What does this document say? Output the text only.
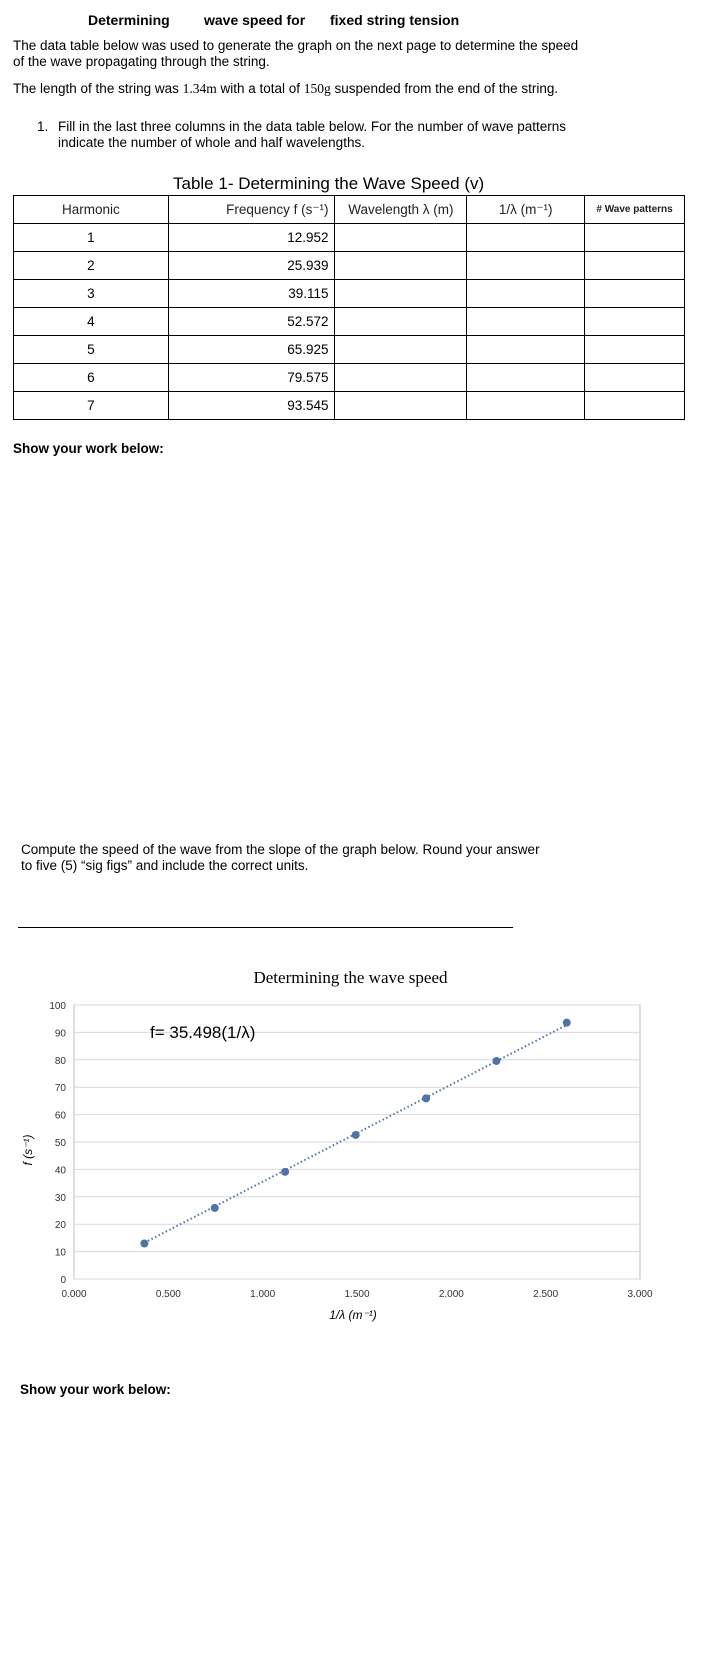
Determining wave speed for fixed string tension
The data table below was used to generate the graph on the next page to determine the speed
of the wave propagating through the string.
The length of the string was 1.34m with a total of 150g suspended from the end of the string.
1. Fill in the last three columns in the data table below. For the number of wave patterns
indicate the number of whole and half wavelengths.
Table 1- Determining the Wave Speed (v)
Harmonic	Frequency f (s⁻¹)	Wavelength λ (m)	1/λ (m⁻¹)	# Wave patterns
1	12.952			
2	25.939			
3	39.115			
4	52.572			
5	65.925			
6	79.575			
7	93.545			
Show your work below:
Compute the speed of the wave from the slope of the graph below. Round your answer
to five (5) “sig figs” and include the correct units.
Determining the wave speed
0
10
20
30
40
50
60
70
80
90
100
0.000	0.500	1.000	1.500	2.000	2.500	3.000
f= 35.498(1/λ)
1/λ (m⁻¹)
f (s⁻¹)
Show your work below:
